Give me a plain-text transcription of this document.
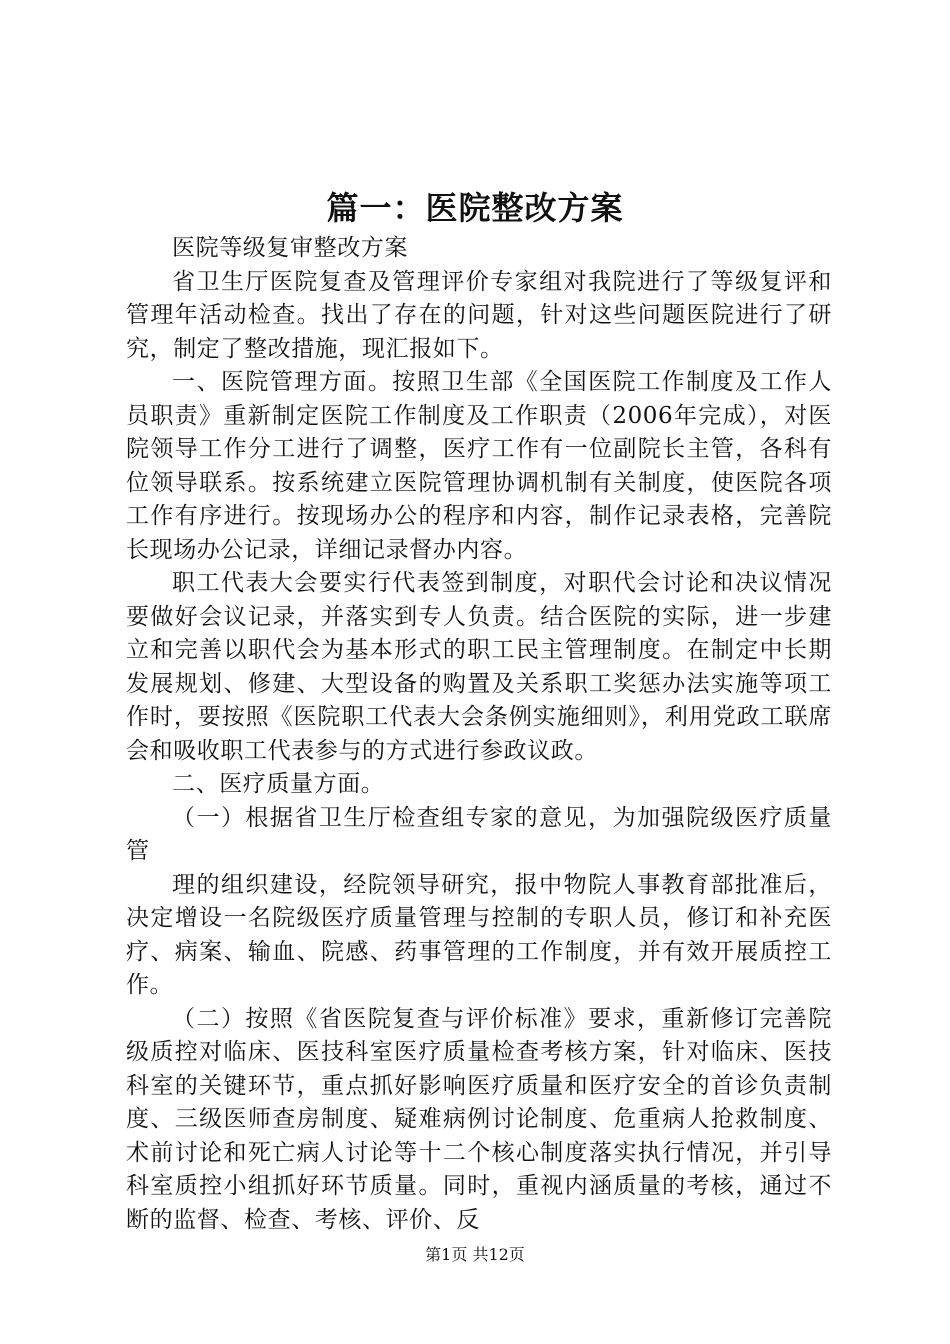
篇一：医院整改方案

医院等级复审整改方案

省卫生厅医院复查及管理评价专家组对我院进行了等级复评和管理年活动检查。找出了存在的问题，针对这些问题医院进行了研究，制定了整改措施，现汇报如下。

一、医院管理方面。按照卫生部《全国医院工作制度及工作人员职责》重新制定医院工作制度及工作职责（2006年完成），对医院领导工作分工进行了调整，医疗工作有一位副院长主管，各科有位领导联系。按系统建立医院管理协调机制有关制度，使医院各项工作有序进行。按现场办公的程序和内容，制作记录表格，完善院长现场办公记录，详细记录督办内容。

职工代表大会要实行代表签到制度，对职代会讨论和决议情况要做好会议记录，并落实到专人负责。结合医院的实际，进一步建立和完善以职代会为基本形式的职工民主管理制度。在制定中长期发展规划、修建、大型设备的购置及关系职工奖惩办法实施等项工作时，要按照《医院职工代表大会条例实施细则》，利用党政工联席会和吸收职工代表参与的方式进行参政议政。

二、医疗质量方面。

（一）根据省卫生厅检查组专家的意见，为加强院级医疗质量管

理的组织建设，经院领导研究，报中物院人事教育部批准后，决定增设一名院级医疗质量管理与控制的专职人员，修订和补充医疗、病案、输血、院感、药事管理的工作制度，并有效开展质控工作。

（二）按照《省医院复查与评价标准》要求，重新修订完善院级质控对临床、医技科室医疗质量检查考核方案，针对临床、医技科室的关键环节，重点抓好影响医疗质量和医疗安全的首诊负责制度、三级医师查房制度、疑难病例讨论制度、危重病人抢救制度、术前讨论和死亡病人讨论等十二个核心制度落实执行情况，并引导科室质控小组抓好环节质量。同时，重视内涵质量的考核，通过不断的监督、检查、考核、评价、反

第1页 共12页
